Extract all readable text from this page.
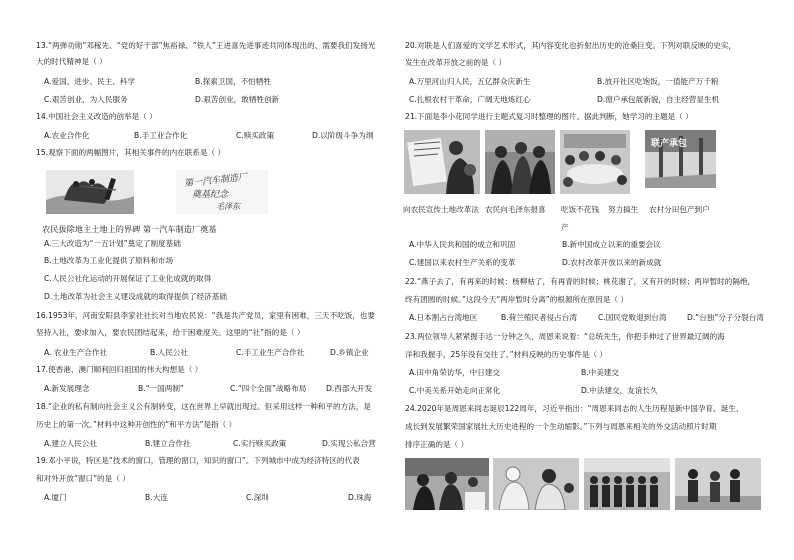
13.“两弹功勋”邓稼先、“党的好干部”焦裕禄、“铁人”王进喜先进事迹共同体现出的、需要我们发扬光
大的时代精神是（ ）
A.爱国、进步、民主、科学	B.探索卫国，不怕牺牲
C.艰苦创业，为人民服务	D.艰苦创业，敢牺牲创新
14.中国社会主义改造的创举是（ ）
A.农业合作化	B.手工业合作化	C.赎买政策	D.以阶级斗争为纲
15.观察下面的两幅图片，其相关事件的内在联系是（ ）
第一汽车制造厂
奠基纪念
毛泽东
农民拔除地主土地上的界碑 第一汽车制造厂奠基
A.三大改造为“一五计划”奠定了制度基础
B.土地改革为工业化提供了原料和市场
C.人民公社化运动的开展保证了工业化成就的取得
D.土地改革为社会主义建设成就的取得提供了经济基础
16.1953年，河南安阳县李家社社长对当地农民说：“我是共产党员，家里有困难，三天不吃饭，也要
坚持入社，要求加入，要农民团结起来，给干困难度关。这里的“社”指的是（ ）
A. 农业生产合作社	B.人民公社	C.手工业生产合作社	D.乡镇企业
17.使香港、澳门顺利回归祖国的伟大构想是（ ）
A.新发展理念	B.“一国两制”	C.“四个全面”战略布局	D.西部大开发
18.“企业的私有制向社会主义公有制转变，这在世界上早就出现过。但采用这样一种和平的方法，是
历史上的第一次。”材料中这种开创性的“和平方法”是指（ ）
A.建立人民公社	B.建立合作社	C.实行赎买政策	D.实现公私合营
19.邓小平说，特区是“技术的窗口，管理的窗口，知识的窗口”。下列城市中成为经济特区的代表
和对外开放“窗口”的是（ ）
A.厦门	B.大连	C.深圳	D.珠海
20.对联是人们喜爱的文学艺术形式，其内容变化也折射出历史的沧桑巨变。下列对联反映的史实，
发生在改革开放之前的是（ ）
A.万里河山归人民，五亿群众庆新生	B.放开社区吃饱饭，一值能产万千粮
C.扎根农村干革命，广阔天地炼红心	D.窗户承包展新貌，自主经营显生机
21.下面是李小花同学进行主题式复习时整理的图片。据此判断，她学习的主题是（ ）
联产承包
向农民宣传土地改革法 农民向毛泽东报喜 吃饭不花钱 努力搞生 农村分田包产到户
产
A.中华人民共和国的成立和巩固	B.新中国成立以来的重要会议
C.建国以来农村生产关系的变革	D.农村改革开放以来的新成就
22.“燕子去了，有再来的时候；杨柳枯了，有再青的时候；桃花谢了，又有开的时候；两岸暂时的隔绝，
终有团圆的时候。”这段今天“两岸暂时分离”的根源所在原因是（ ）
A.日本割占台湾地区	B.荷兰殖民者侵占台湾	C.国民党败退到台湾	D.“台独”分子分裂台湾
23.两位领导人紧紧握手达一分钟之久，周恩来说着：“总统先生，你把手伸过了世界最辽阔的海
洋和我握手，25年没有交往了。”材料反映的历史事件是（ ）
A.田中角荣访华，中日建交	B.中美建交
C.中美关系开始走向正常化	D.中法建交，友谊长久
24.2020年是周恩来同志诞辰122周年，习近平指出：“周恩来同志的人生历程是新中国孕育、诞生、
成长到发展繁荣国家展壮大历史进程的一个生动缩影。”下列与周恩来相关的外交活动照片时期
排序正确的是（ ）
